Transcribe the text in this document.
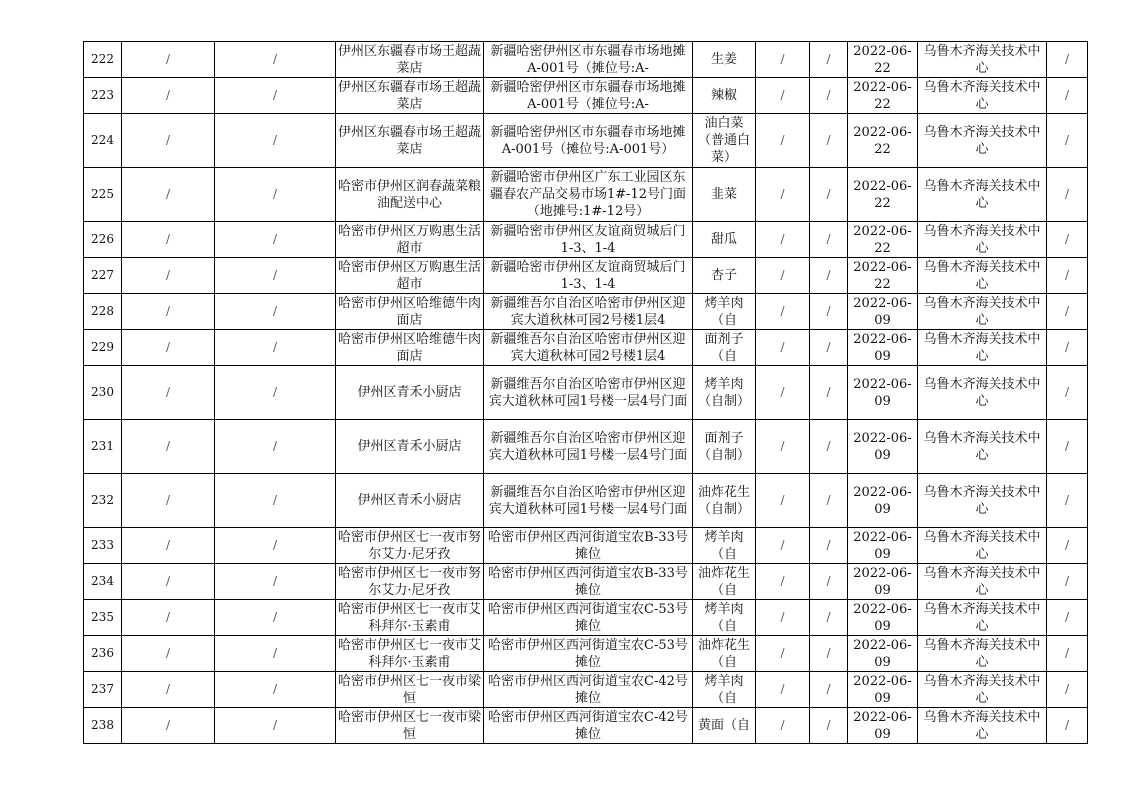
222	/	/	伊州区东疆春市场王超蔬菜店	新疆哈密伊州区市东疆春市场地摊A-001号（摊位号:A-	生姜	/	/	2022-06-22	乌鲁木齐海关技术中心	/

223	/	/	伊州区东疆春市场王超蔬菜店	新疆哈密伊州区市东疆春市场地摊A-001号（摊位号:A-	辣椒	/	/	2022-06-22	乌鲁木齐海关技术中心	/

224	/	/	伊州区东疆春市场王超蔬菜店	新疆哈密伊州区市东疆春市场地摊A-001号（摊位号:A-001号）	油白菜（普通白菜）	/	/	2022-06-22	乌鲁木齐海关技术中心	/

225	/	/	哈密市伊州区润春蔬菜粮油配送中心	新疆哈密市伊州区广东工业园区东疆春农产品交易市场1#-12号门面（地摊号:1#-12号）	韭菜	/	/	2022-06-22	乌鲁木齐海关技术中心	/

226	/	/	哈密市伊州区万购惠生活超市	新疆哈密市伊州区友谊商贸城后门1-3、1-4	甜瓜	/	/	2022-06-22	乌鲁木齐海关技术中心	/

227	/	/	哈密市伊州区万购惠生活超市	新疆哈密市伊州区友谊商贸城后门1-3、1-4	杏子	/	/	2022-06-22	乌鲁木齐海关技术中心	/

228	/	/	哈密市伊州区哈维德牛肉面店	新疆维吾尔自治区哈密市伊州区迎宾大道秋林可园2号楼1层4	烤羊肉（自	/	/	2022-06-09	乌鲁木齐海关技术中心	/

229	/	/	哈密市伊州区哈维德牛肉面店	新疆维吾尔自治区哈密市伊州区迎宾大道秋林可园2号楼1层4	面剂子（自	/	/	2022-06-09	乌鲁木齐海关技术中心	/

230	/	/	伊州区青禾小厨店	新疆维吾尔自治区哈密市伊州区迎宾大道秋林可园1号楼一层4号门面	烤羊肉（自制）	/	/	2022-06-09	乌鲁木齐海关技术中心	/

231	/	/	伊州区青禾小厨店	新疆维吾尔自治区哈密市伊州区迎宾大道秋林可园1号楼一层4号门面	面剂子（自制）	/	/	2022-06-09	乌鲁木齐海关技术中心	/

232	/	/	伊州区青禾小厨店	新疆维吾尔自治区哈密市伊州区迎宾大道秋林可园1号楼一层4号门面	油炸花生（自制）	/	/	2022-06-09	乌鲁木齐海关技术中心	/

233	/	/	哈密市伊州区七一夜市努尔艾力·尼牙孜	哈密市伊州区西河街道宝农B-33号摊位	烤羊肉（自	/	/	2022-06-09	乌鲁木齐海关技术中心	/

234	/	/	哈密市伊州区七一夜市努尔艾力·尼牙孜	哈密市伊州区西河街道宝农B-33号摊位	油炸花生（自	/	/	2022-06-09	乌鲁木齐海关技术中心	/

235	/	/	哈密市伊州区七一夜市艾科拜尔·玉素甫	哈密市伊州区西河街道宝农C-53号摊位	烤羊肉（自	/	/	2022-06-09	乌鲁木齐海关技术中心	/

236	/	/	哈密市伊州区七一夜市艾科拜尔·玉素甫	哈密市伊州区西河街道宝农C-53号摊位	油炸花生（自	/	/	2022-06-09	乌鲁木齐海关技术中心	/

237	/	/	哈密市伊州区七一夜市梁恒	哈密市伊州区西河街道宝农C-42号摊位	烤羊肉（自	/	/	2022-06-09	乌鲁木齐海关技术中心	/

238	/	/	哈密市伊州区七一夜市梁恒	哈密市伊州区西河街道宝农C-42号摊位	黄面（自	/	/	2022-06-09	乌鲁木齐海关技术中心	/
